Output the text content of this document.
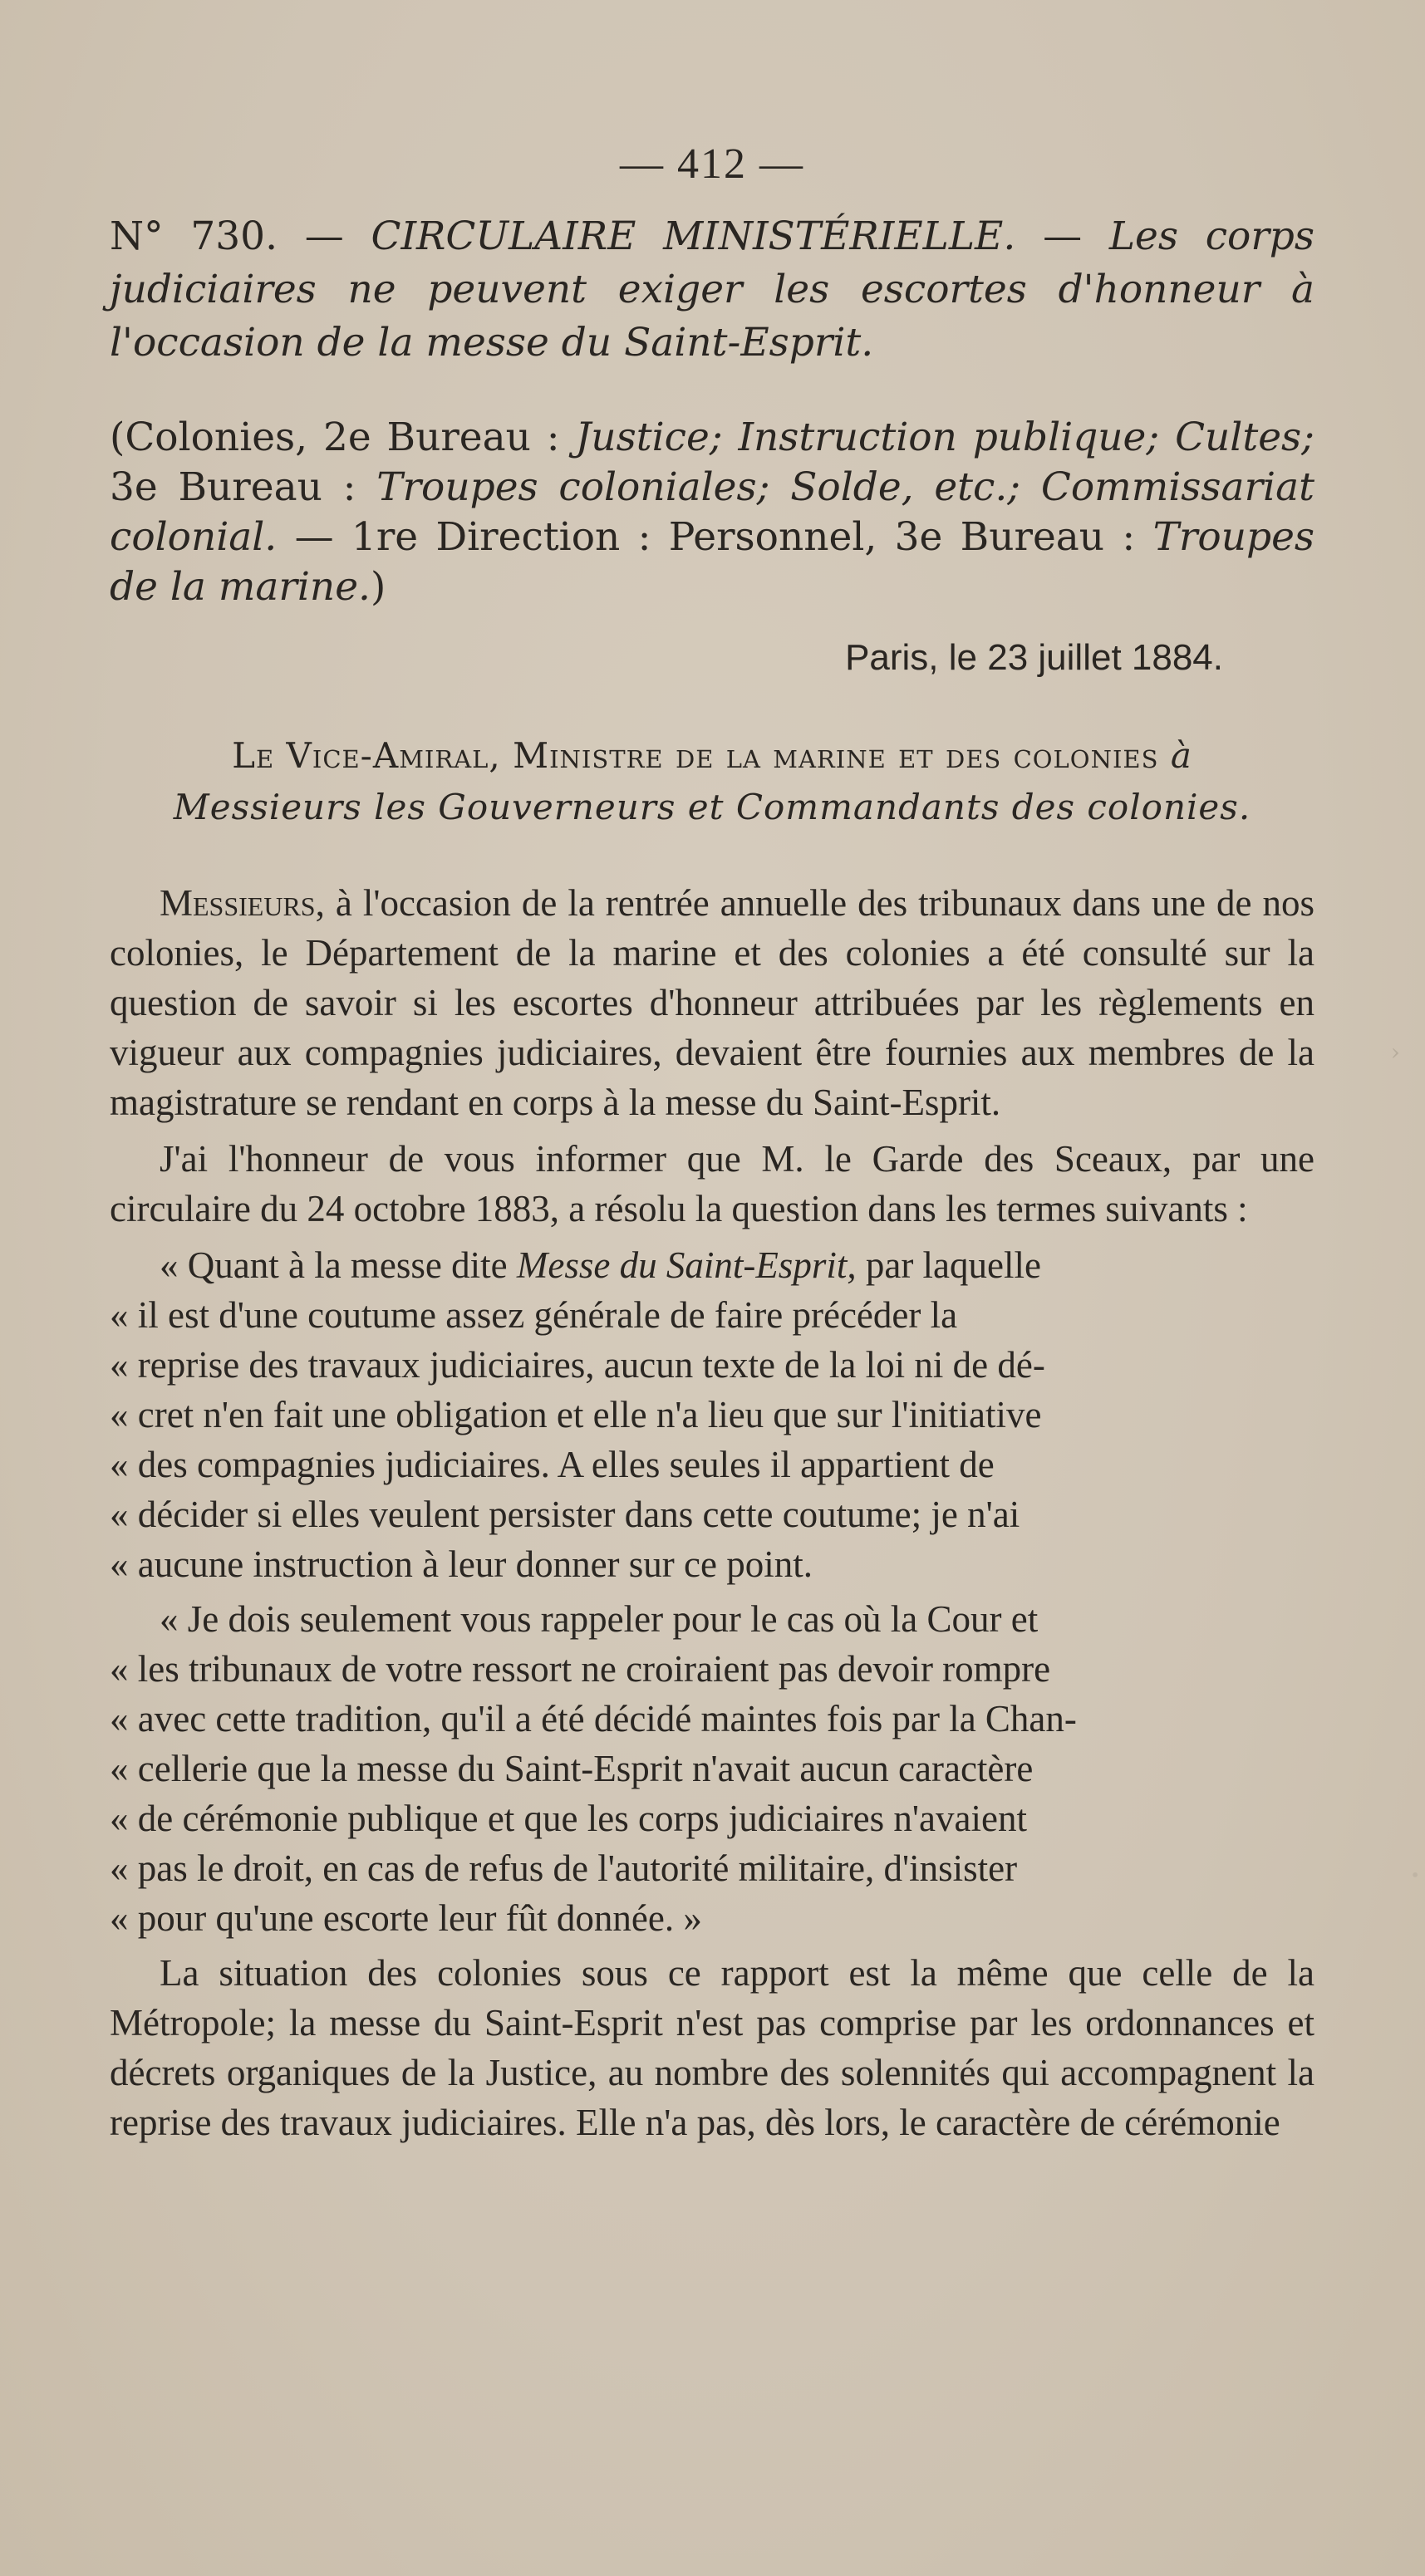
— 412 —

N° 730. — CIRCULAIRE MINISTÉRIELLE. — Les corps judiciaires ne peuvent exiger les escortes d'honneur à l'occasion de la messe du Saint-Esprit.

(Colonies, 2e Bureau : Justice; Instruction publique; Cultes; 3e Bureau : Troupes coloniales; Solde, etc.; Commissariat colonial. — 1re Direction : Personnel, 3e Bureau : Troupes de la marine.)
Paris, le 23 juillet 1884.
Le Vice-Amiral, Ministre de la marine et des colonies à
Messieurs les Gouverneurs et Commandants des colonies.

Messieurs, à l'occasion de la rentrée annuelle des tribunaux dans une de nos colonies, le Département de la marine et des colonies a été consulté sur la question de savoir si les escortes d'honneur attribuées par les règlements en vigueur aux compagnies judiciaires, devaient être fournies aux membres de la magistrature se rendant en corps à la messe du Saint-Esprit.

J'ai l'honneur de vous informer que M. le Garde des Sceaux, par une circulaire du 24 octobre 1883, a résolu la question dans les termes suivants :

« Quant à la messe dite Messe du Saint-Esprit, par laquelle
« il est d'une coutume assez générale de faire précéder la
« reprise des travaux judiciaires, aucun texte de la loi ni de dé-
« cret n'en fait une obligation et elle n'a lieu que sur l'initiative
« des compagnies judiciaires. A elles seules il appartient de
« décider si elles veulent persister dans cette coutume; je n'ai
« aucune instruction à leur donner sur ce point.
« Je dois seulement vous rappeler pour le cas où la Cour et
« les tribunaux de votre ressort ne croiraient pas devoir rompre
« avec cette tradition, qu'il a été décidé maintes fois par la Chan-
« cellerie que la messe du Saint-Esprit n'avait aucun caractère
« de cérémonie publique et que les corps judiciaires n'avaient
« pas le droit, en cas de refus de l'autorité militaire, d'insister
« pour qu'une escorte leur fût donnée. »

La situation des colonies sous ce rapport est la même que celle de la Métropole; la messe du Saint-Esprit n'est pas comprise par les ordonnances et décrets organiques de la Justice, au nombre des solennités qui accompagnent la reprise des travaux judiciaires. Elle n'a pas, dès lors, le caractère de cérémonie

›
•
